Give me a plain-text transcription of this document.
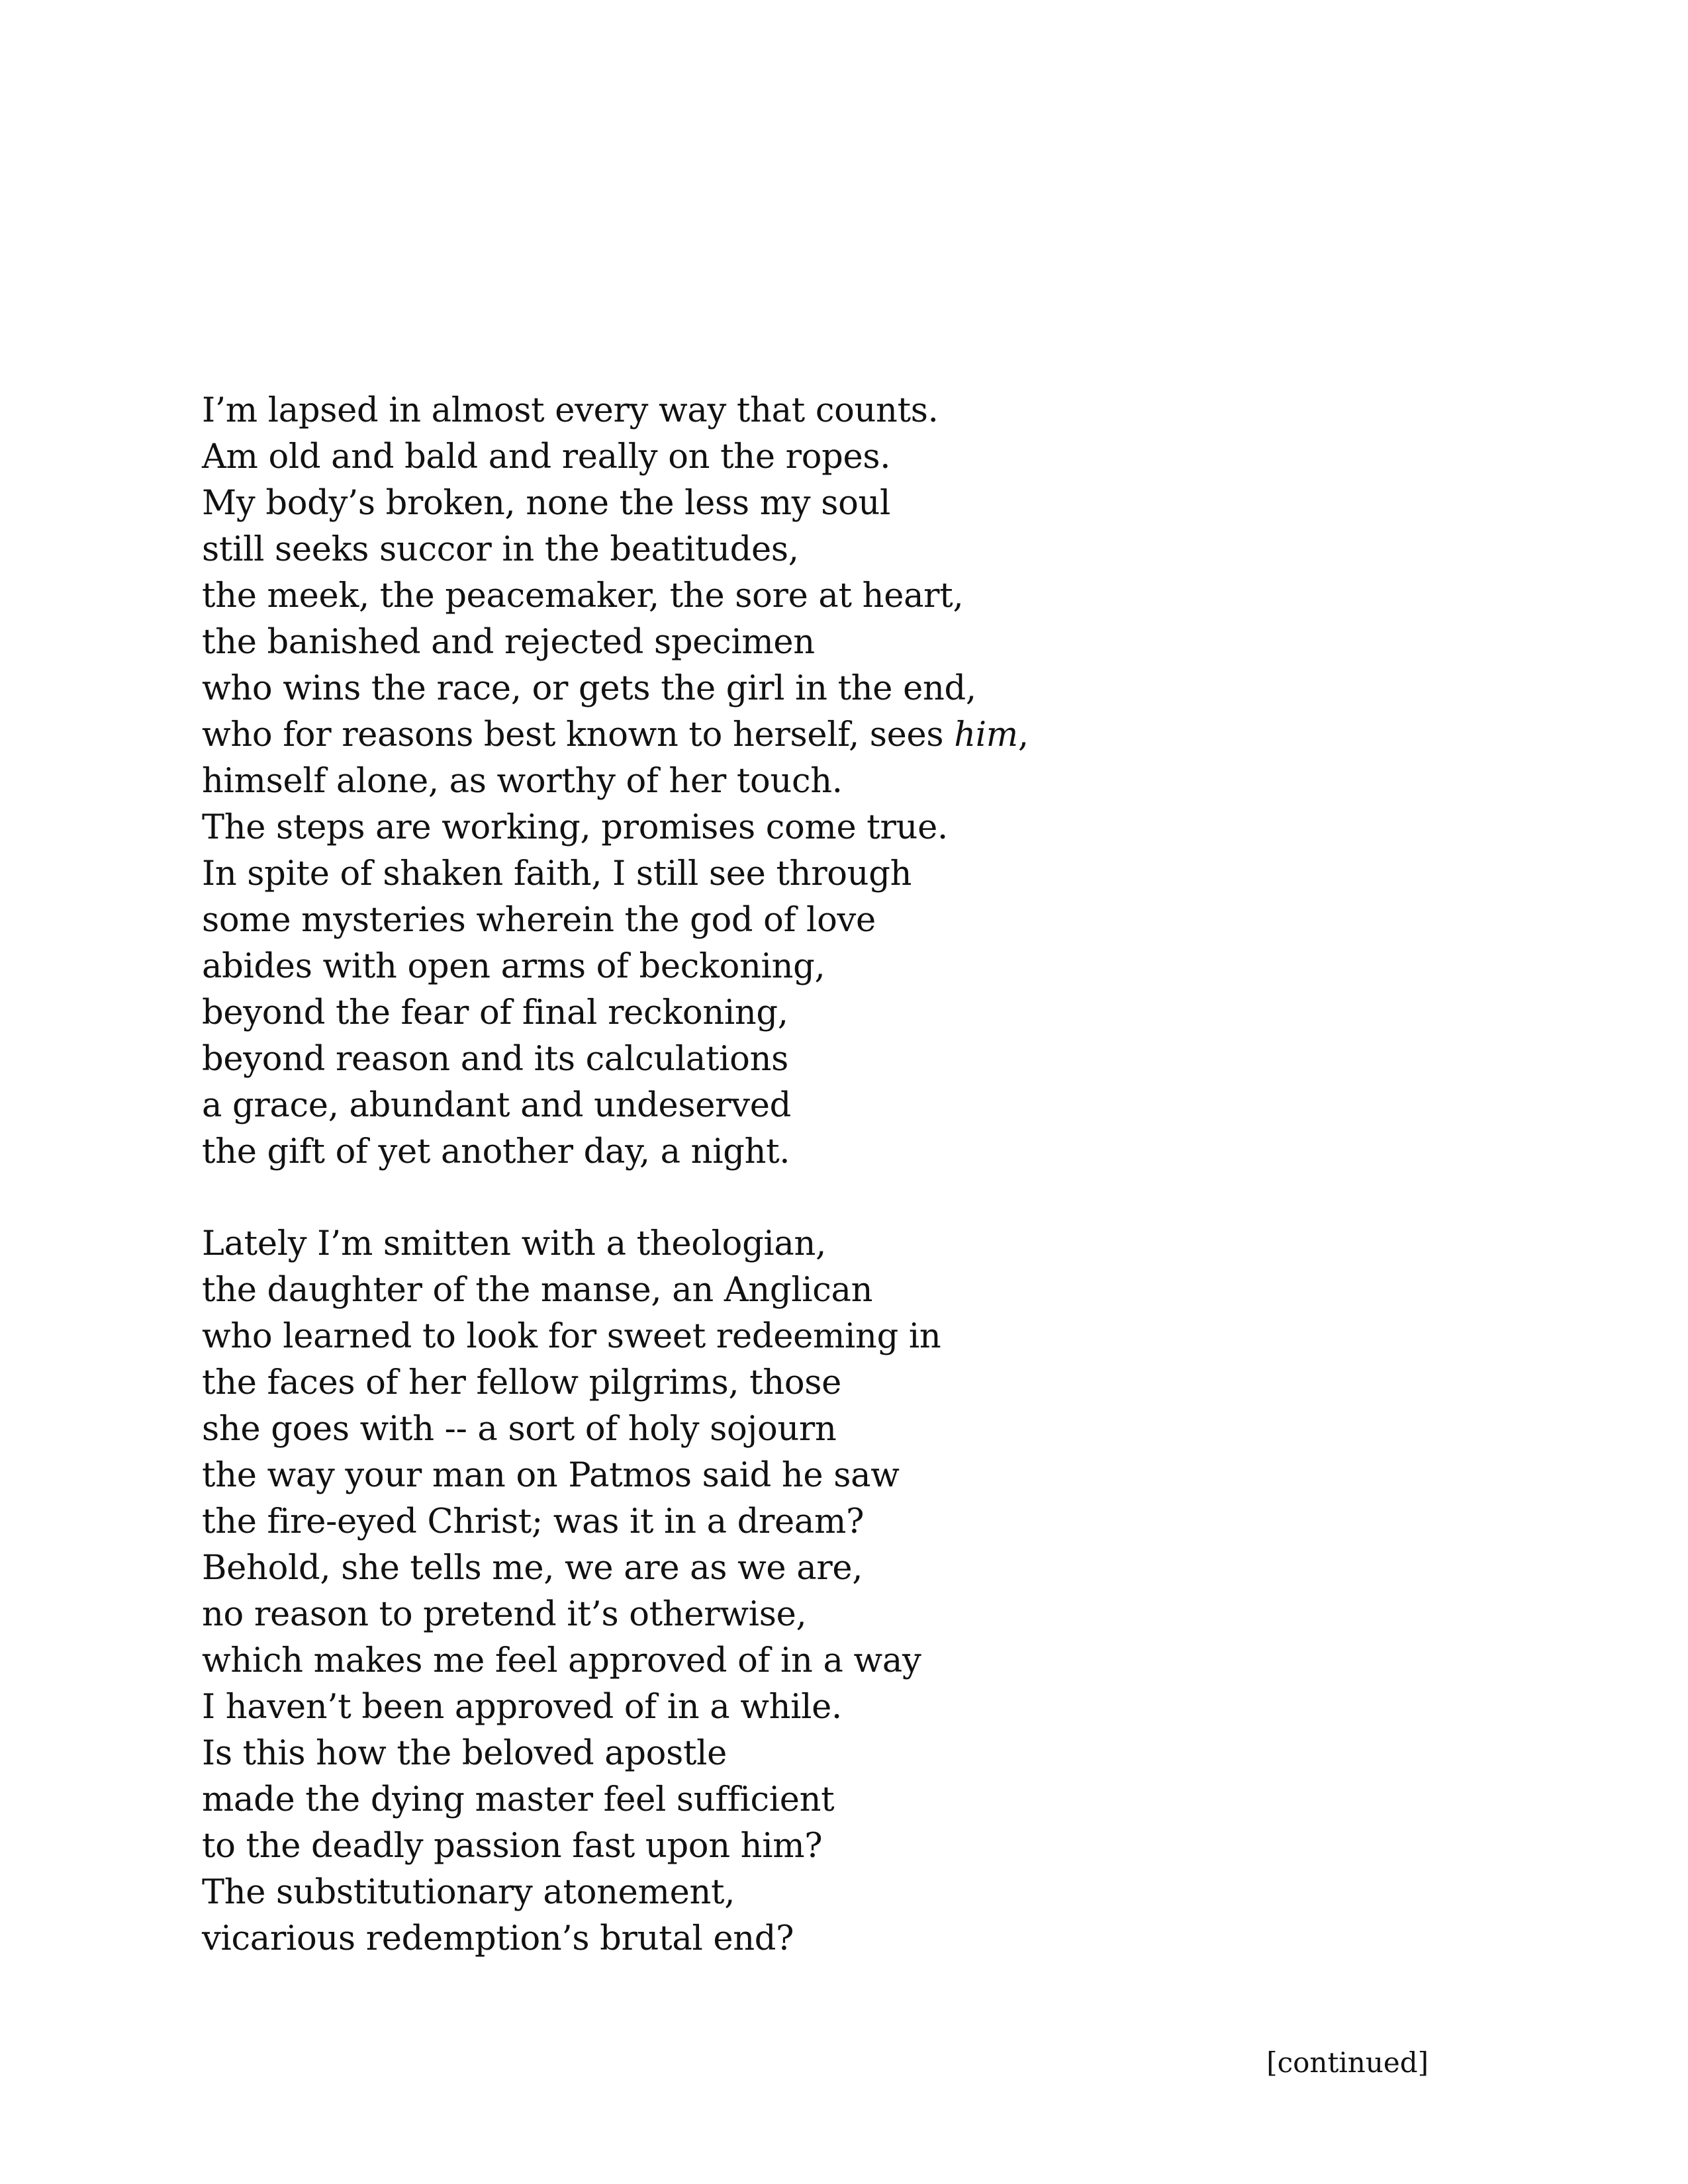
I’m lapsed in almost every way that counts.
Am old and bald and really on the ropes.
My body’s broken, none the less my soul
still seeks succor in the beatitudes,
the meek, the peacemaker, the sore at heart,
the banished and rejected specimen
who wins the race, or gets the girl in the end,
who for reasons best known to herself, sees him,
himself alone, as worthy of her touch.
The steps are working, promises come true.
In spite of shaken faith, I still see through
some mysteries wherein the god of love
abides with open arms of beckoning,
beyond the fear of final reckoning,
beyond reason and its calculations
a grace, abundant and undeserved
the gift of yet another day, a night.
Lately I’m smitten with a theologian,
the daughter of the manse, an Anglican
who learned to look for sweet redeeming in
the faces of her fellow pilgrims, those
she goes with -- a sort of holy sojourn
the way your man on Patmos said he saw
the fire-eyed Christ; was it in a dream?
Behold, she tells me, we are as we are,
no reason to pretend it’s otherwise,
which makes me feel approved of in a way
I haven’t been approved of in a while.
Is this how the beloved apostle
made the dying master feel sufficient
to the deadly passion fast upon him?
The substitutionary atonement,
vicarious redemption’s brutal end?
[continued]
